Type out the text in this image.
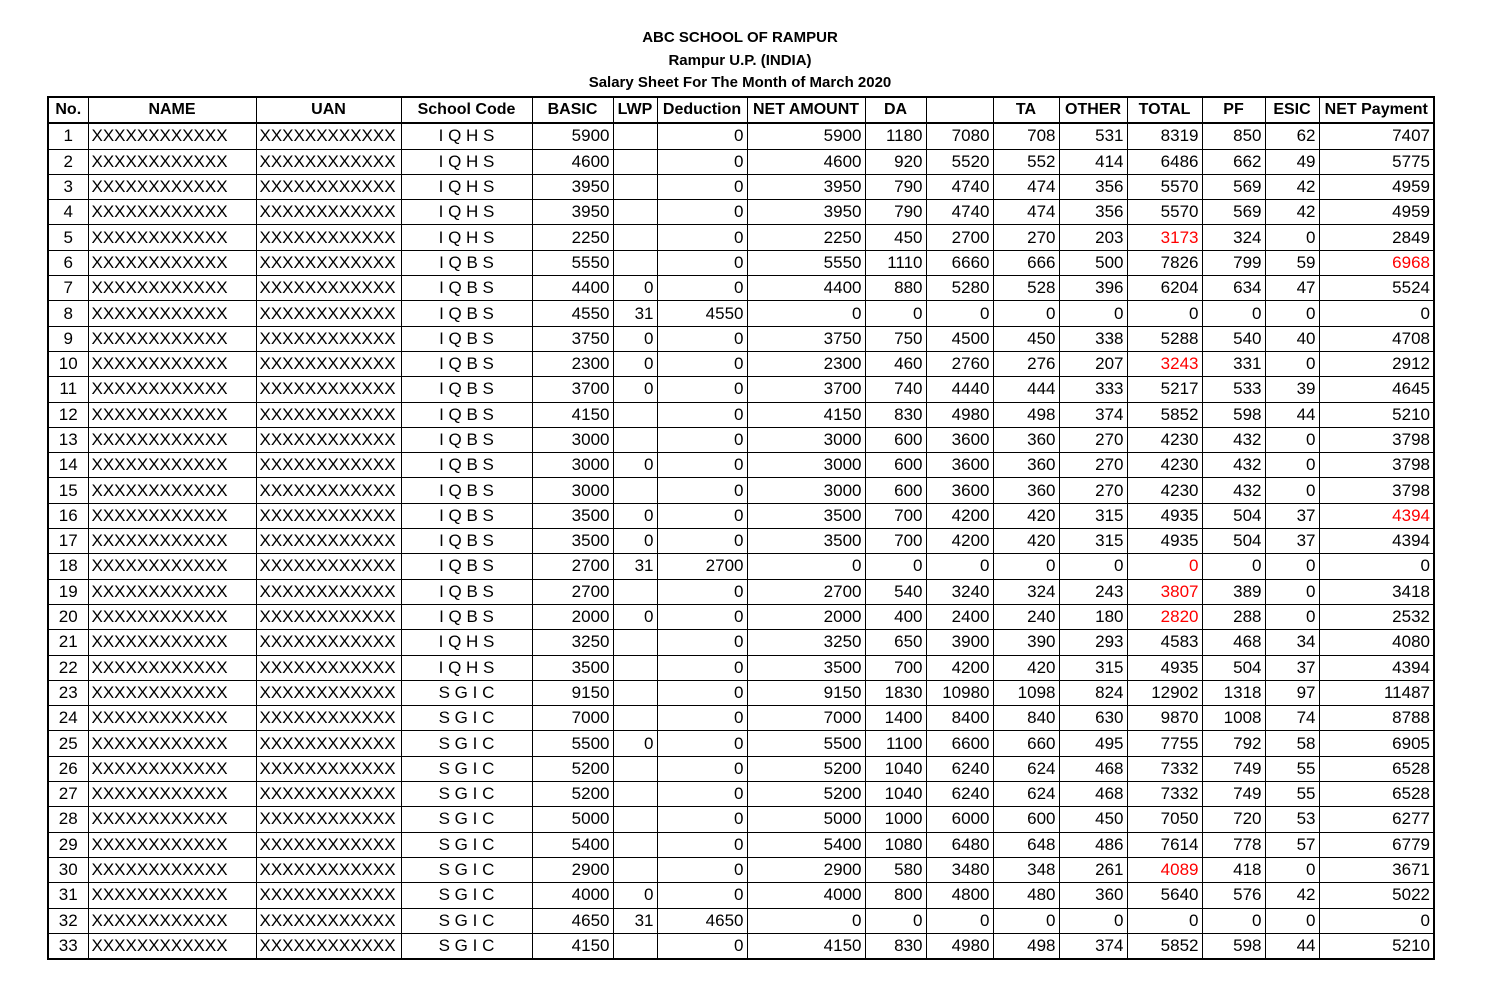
ABC SCHOOL OF RAMPUR
Rampur U.P. (INDIA)
Salary Sheet For The Month of March 2020
No.	NAME	UAN	School Code	BASIC	LWP	Deduction	NET AMOUNT	DA		TA	OTHER	TOTAL	PF	ESIC	NET Payment
1	XXXXXXXXXXXX	XXXXXXXXXXXX	I Q H S	5900		0	5900	1180	7080	708	531	8319	850	62	7407
2	XXXXXXXXXXXX	XXXXXXXXXXXX	I Q H S	4600		0	4600	920	5520	552	414	6486	662	49	5775
3	XXXXXXXXXXXX	XXXXXXXXXXXX	I Q H S	3950		0	3950	790	4740	474	356	5570	569	42	4959
4	XXXXXXXXXXXX	XXXXXXXXXXXX	I Q H S	3950		0	3950	790	4740	474	356	5570	569	42	4959
5	XXXXXXXXXXXX	XXXXXXXXXXXX	I Q H S	2250		0	2250	450	2700	270	203	3173	324	0	2849
6	XXXXXXXXXXXX	XXXXXXXXXXXX	I Q B S	5550		0	5550	1110	6660	666	500	7826	799	59	6968
7	XXXXXXXXXXXX	XXXXXXXXXXXX	I Q B S	4400	0	0	4400	880	5280	528	396	6204	634	47	5524
8	XXXXXXXXXXXX	XXXXXXXXXXXX	I Q B S	4550	31	4550	0	0	0	0	0	0	0	0	0
9	XXXXXXXXXXXX	XXXXXXXXXXXX	I Q B S	3750	0	0	3750	750	4500	450	338	5288	540	40	4708
10	XXXXXXXXXXXX	XXXXXXXXXXXX	I Q B S	2300	0	0	2300	460	2760	276	207	3243	331	0	2912
11	XXXXXXXXXXXX	XXXXXXXXXXXX	I Q B S	3700	0	0	3700	740	4440	444	333	5217	533	39	4645
12	XXXXXXXXXXXX	XXXXXXXXXXXX	I Q B S	4150		0	4150	830	4980	498	374	5852	598	44	5210
13	XXXXXXXXXXXX	XXXXXXXXXXXX	I Q B S	3000		0	3000	600	3600	360	270	4230	432	0	3798
14	XXXXXXXXXXXX	XXXXXXXXXXXX	I Q B S	3000	0	0	3000	600	3600	360	270	4230	432	0	3798
15	XXXXXXXXXXXX	XXXXXXXXXXXX	I Q B S	3000		0	3000	600	3600	360	270	4230	432	0	3798
16	XXXXXXXXXXXX	XXXXXXXXXXXX	I Q B S	3500	0	0	3500	700	4200	420	315	4935	504	37	4394
17	XXXXXXXXXXXX	XXXXXXXXXXXX	I Q B S	3500	0	0	3500	700	4200	420	315	4935	504	37	4394
18	XXXXXXXXXXXX	XXXXXXXXXXXX	I Q B S	2700	31	2700	0	0	0	0	0	0	0	0	0
19	XXXXXXXXXXXX	XXXXXXXXXXXX	I Q B S	2700		0	2700	540	3240	324	243	3807	389	0	3418
20	XXXXXXXXXXXX	XXXXXXXXXXXX	I Q B S	2000	0	0	2000	400	2400	240	180	2820	288	0	2532
21	XXXXXXXXXXXX	XXXXXXXXXXXX	I Q H S	3250		0	3250	650	3900	390	293	4583	468	34	4080
22	XXXXXXXXXXXX	XXXXXXXXXXXX	I Q H S	3500		0	3500	700	4200	420	315	4935	504	37	4394
23	XXXXXXXXXXXX	XXXXXXXXXXXX	S G I C	9150		0	9150	1830	10980	1098	824	12902	1318	97	11487
24	XXXXXXXXXXXX	XXXXXXXXXXXX	S G I C	7000		0	7000	1400	8400	840	630	9870	1008	74	8788
25	XXXXXXXXXXXX	XXXXXXXXXXXX	S G I C	5500	0	0	5500	1100	6600	660	495	7755	792	58	6905
26	XXXXXXXXXXXX	XXXXXXXXXXXX	S G I C	5200		0	5200	1040	6240	624	468	7332	749	55	6528
27	XXXXXXXXXXXX	XXXXXXXXXXXX	S G I C	5200		0	5200	1040	6240	624	468	7332	749	55	6528
28	XXXXXXXXXXXX	XXXXXXXXXXXX	S G I C	5000		0	5000	1000	6000	600	450	7050	720	53	6277
29	XXXXXXXXXXXX	XXXXXXXXXXXX	S G I C	5400		0	5400	1080	6480	648	486	7614	778	57	6779
30	XXXXXXXXXXXX	XXXXXXXXXXXX	S G I C	2900		0	2900	580	3480	348	261	4089	418	0	3671
31	XXXXXXXXXXXX	XXXXXXXXXXXX	S G I C	4000	0	0	4000	800	4800	480	360	5640	576	42	5022
32	XXXXXXXXXXXX	XXXXXXXXXXXX	S G I C	4650	31	4650	0	0	0	0	0	0	0	0	0
33	XXXXXXXXXXXX	XXXXXXXXXXXX	S G I C	4150		0	4150	830	4980	498	374	5852	598	44	5210
